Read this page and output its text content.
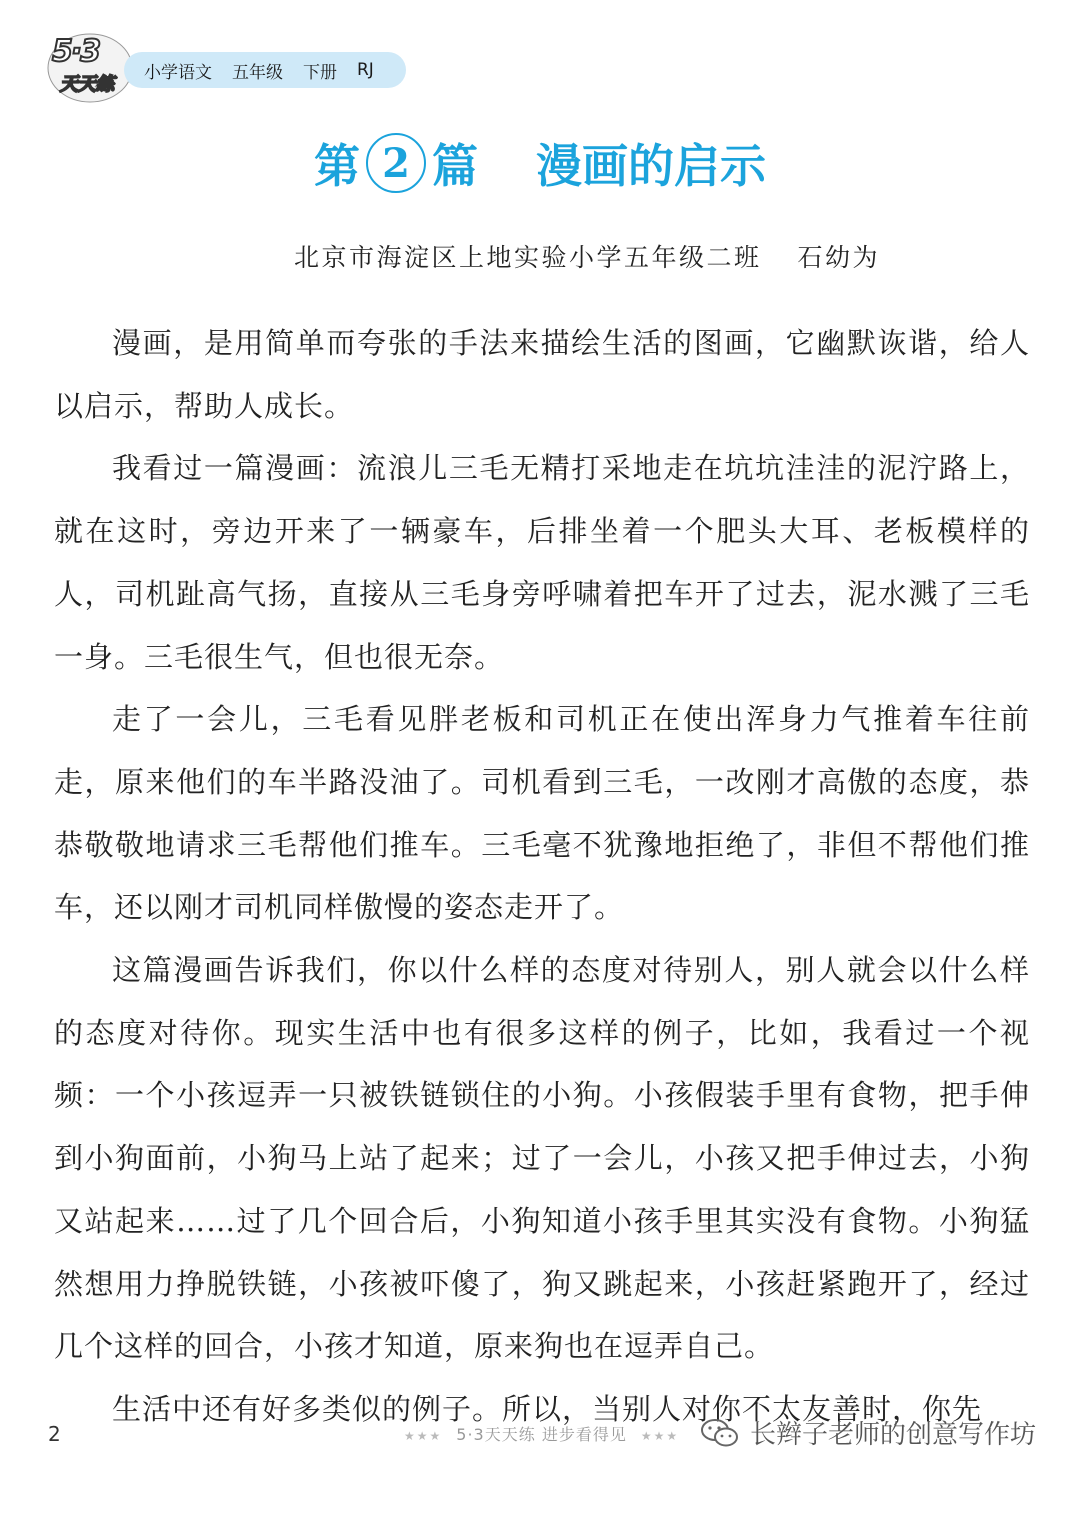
5·3
天天练
小学语文 五年级 下册 RJ
第 2 篇 漫画的启示
北京市海淀区上地实验小学五年级二班 石幼为

漫画，是用简单而夸张的手法来描绘生活的图画，它幽默诙谐，给人以启示，帮助人成长。

我看过一篇漫画：流浪儿三毛无精打采地走在坑坑洼洼的泥泞路上，就在这时，旁边开来了一辆豪车，后排坐着一个肥头大耳、老板模样的人，司机趾高气扬，直接从三毛身旁呼啸着把车开了过去，泥水溅了三毛一身。三毛很生气，但也很无奈。

走了一会儿，三毛看见胖老板和司机正在使出浑身力气推着车往前走，原来他们的车半路没油了。司机看到三毛，一改刚才高傲的态度，恭恭敬敬地请求三毛帮他们推车。三毛毫不犹豫地拒绝了，非但不帮他们推车，还以刚才司机同样傲慢的姿态走开了。

这篇漫画告诉我们，你以什么样的态度对待别人，别人就会以什么样的态度对待你。现实生活中也有很多这样的例子，比如，我看过一个视频：一个小孩逗弄一只被铁链锁住的小狗。小孩假装手里有食物，把手伸到小狗面前，小狗马上站了起来；过了一会儿，小孩又把手伸过去，小狗又站起来……过了几个回合后，小狗知道小孩手里其实没有食物。小狗猛然想用力挣脱铁链，小孩被吓傻了，狗又跳起来，小孩赶紧跑开了，经过几个这样的回合，小孩才知道，原来狗也在逗弄自己。

生活中还有好多类似的例子。所以，当别人对你不太友善时，你先

2	★★★ 5·3天天练 进步看得见 ★★★	长辫子老师的创意写作坊
